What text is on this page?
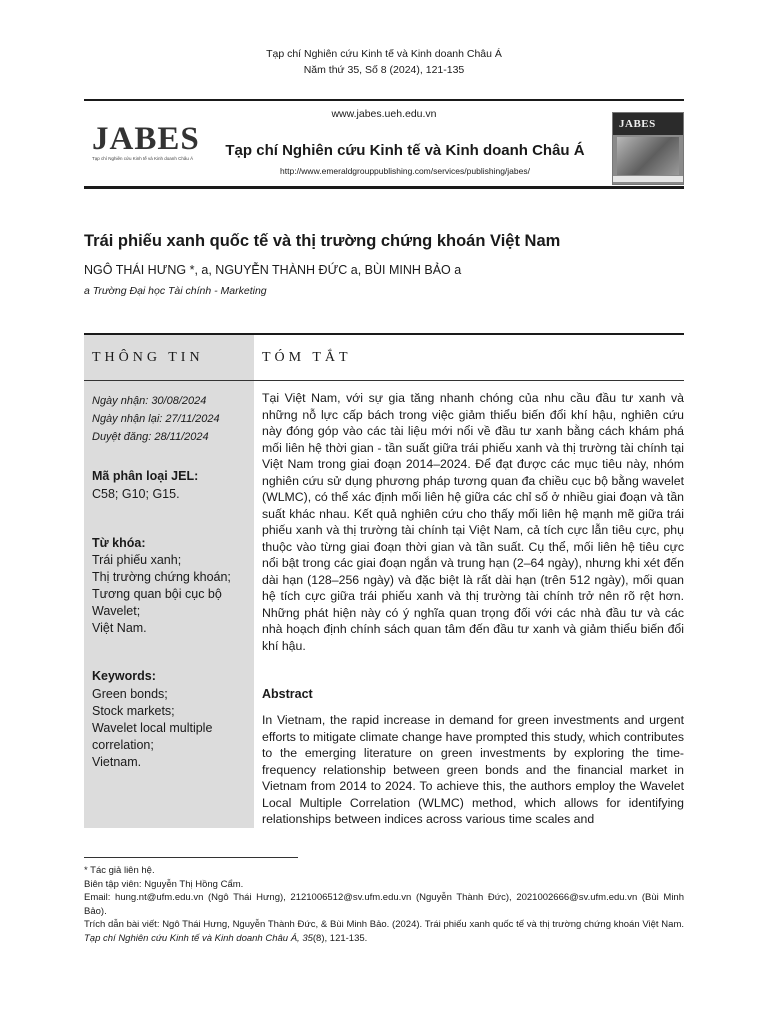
Tạp chí Nghiên cứu Kinh tế và Kinh doanh Châu Á
Năm thứ 35, Số 8 (2024), 121-135
www.jabes.ueh.edu.vn
JABES
Tạp chí Nghiên cứu Kinh tế và Kinh doanh Châu Á	Tạp chí Nghiên cứu Kinh tế và Kinh doanh Châu Á
http://www.emeraldgrouppublishing.com/services/publishing/jabes/
JABES
Trái phiếu xanh quốc tế và thị trường chứng khoán Việt Nam
NGÔ THÁI HƯNG *, a, NGUYỄN THÀNH ĐỨC a, BÙI MINH BẢO a
a Trường Đại học Tài chính - Marketing
THÔNG TIN	TÓM TẮT
Ngày nhận: 30/08/2024
Ngày nhận lại: 27/11/2024
Duyệt đăng: 28/11/2024
Mã phân loại JEL:
C58; G10; G15.
Từ khóa:
Trái phiếu xanh;
Thị trường chứng khoán;
Tương quan bội cục bộ
Wavelet;
Việt Nam.
Keywords:
Green bonds;
Stock markets;
Wavelet local multiple
correlation;
Vietnam.
Tại Việt Nam, với sự gia tăng nhanh chóng của nhu cầu đầu tư xanh và những nỗ lực cấp bách trong việc giảm thiểu biến đổi khí hậu, nghiên cứu này đóng góp vào các tài liệu mới nổi về đầu tư xanh bằng cách khám phá mối liên hệ thời gian - tần suất giữa trái phiếu xanh và thị trường tài chính tại Việt Nam trong giai đoạn 2014–2024. Để đạt được các mục tiêu này, nhóm nghiên cứu sử dụng phương pháp tương quan đa chiều cục bộ bằng wavelet (WLMC), có thể xác định mối liên hệ giữa các chỉ số ở nhiều giai đoạn và tần suất khác nhau. Kết quả nghiên cứu cho thấy mối liên hệ mạnh mẽ giữa trái phiếu xanh và thị trường tài chính tại Việt Nam, cả tích cực lẫn tiêu cực, phụ thuộc vào từng giai đoạn thời gian và tần suất. Cụ thể, mối liên hệ tiêu cực nổi bật trong các giai đoạn ngắn và trung hạn (2–64 ngày), nhưng khi xét đến dài hạn (128–256 ngày) và đặc biệt là rất dài hạn (trên 512 ngày), mối quan hệ tích cực giữa trái phiếu xanh và thị trường tài chính trở nên rõ rệt hơn. Những phát hiện này có ý nghĩa quan trọng đối với các nhà đầu tư và các nhà hoạch định chính sách quan tâm đến đầu tư xanh và giảm thiểu biến đổi khí hậu.
Abstract
In Vietnam, the rapid increase in demand for green investments and urgent efforts to mitigate climate change have prompted this study, which contributes to the emerging literature on green investments by exploring the time-frequency relationship between green bonds and the financial market in Vietnam from 2014 to 2024. To achieve this, the authors employ the Wavelet Local Multiple Correlation (WLMC) method, which allows for identifying relationships between indices across various time scales and
* Tác giả liên hệ.
Biên tập viên: Nguyễn Thị Hồng Cẩm.
Email: hung.nt@ufm.edu.vn (Ngô Thái Hưng), 2121006512@sv.ufm.edu.vn (Nguyễn Thành Đức), 2021002666@sv.ufm.edu.vn (Bùi Minh Bảo).
Trích dẫn bài viết: Ngô Thái Hưng, Nguyễn Thành Đức, & Bùi Minh Bảo. (2024). Trái phiếu xanh quốc tế và thị trường chứng khoán Việt Nam. Tạp chí Nghiên cứu Kinh tế và Kinh doanh Châu Á, 35(8), 121-135.
